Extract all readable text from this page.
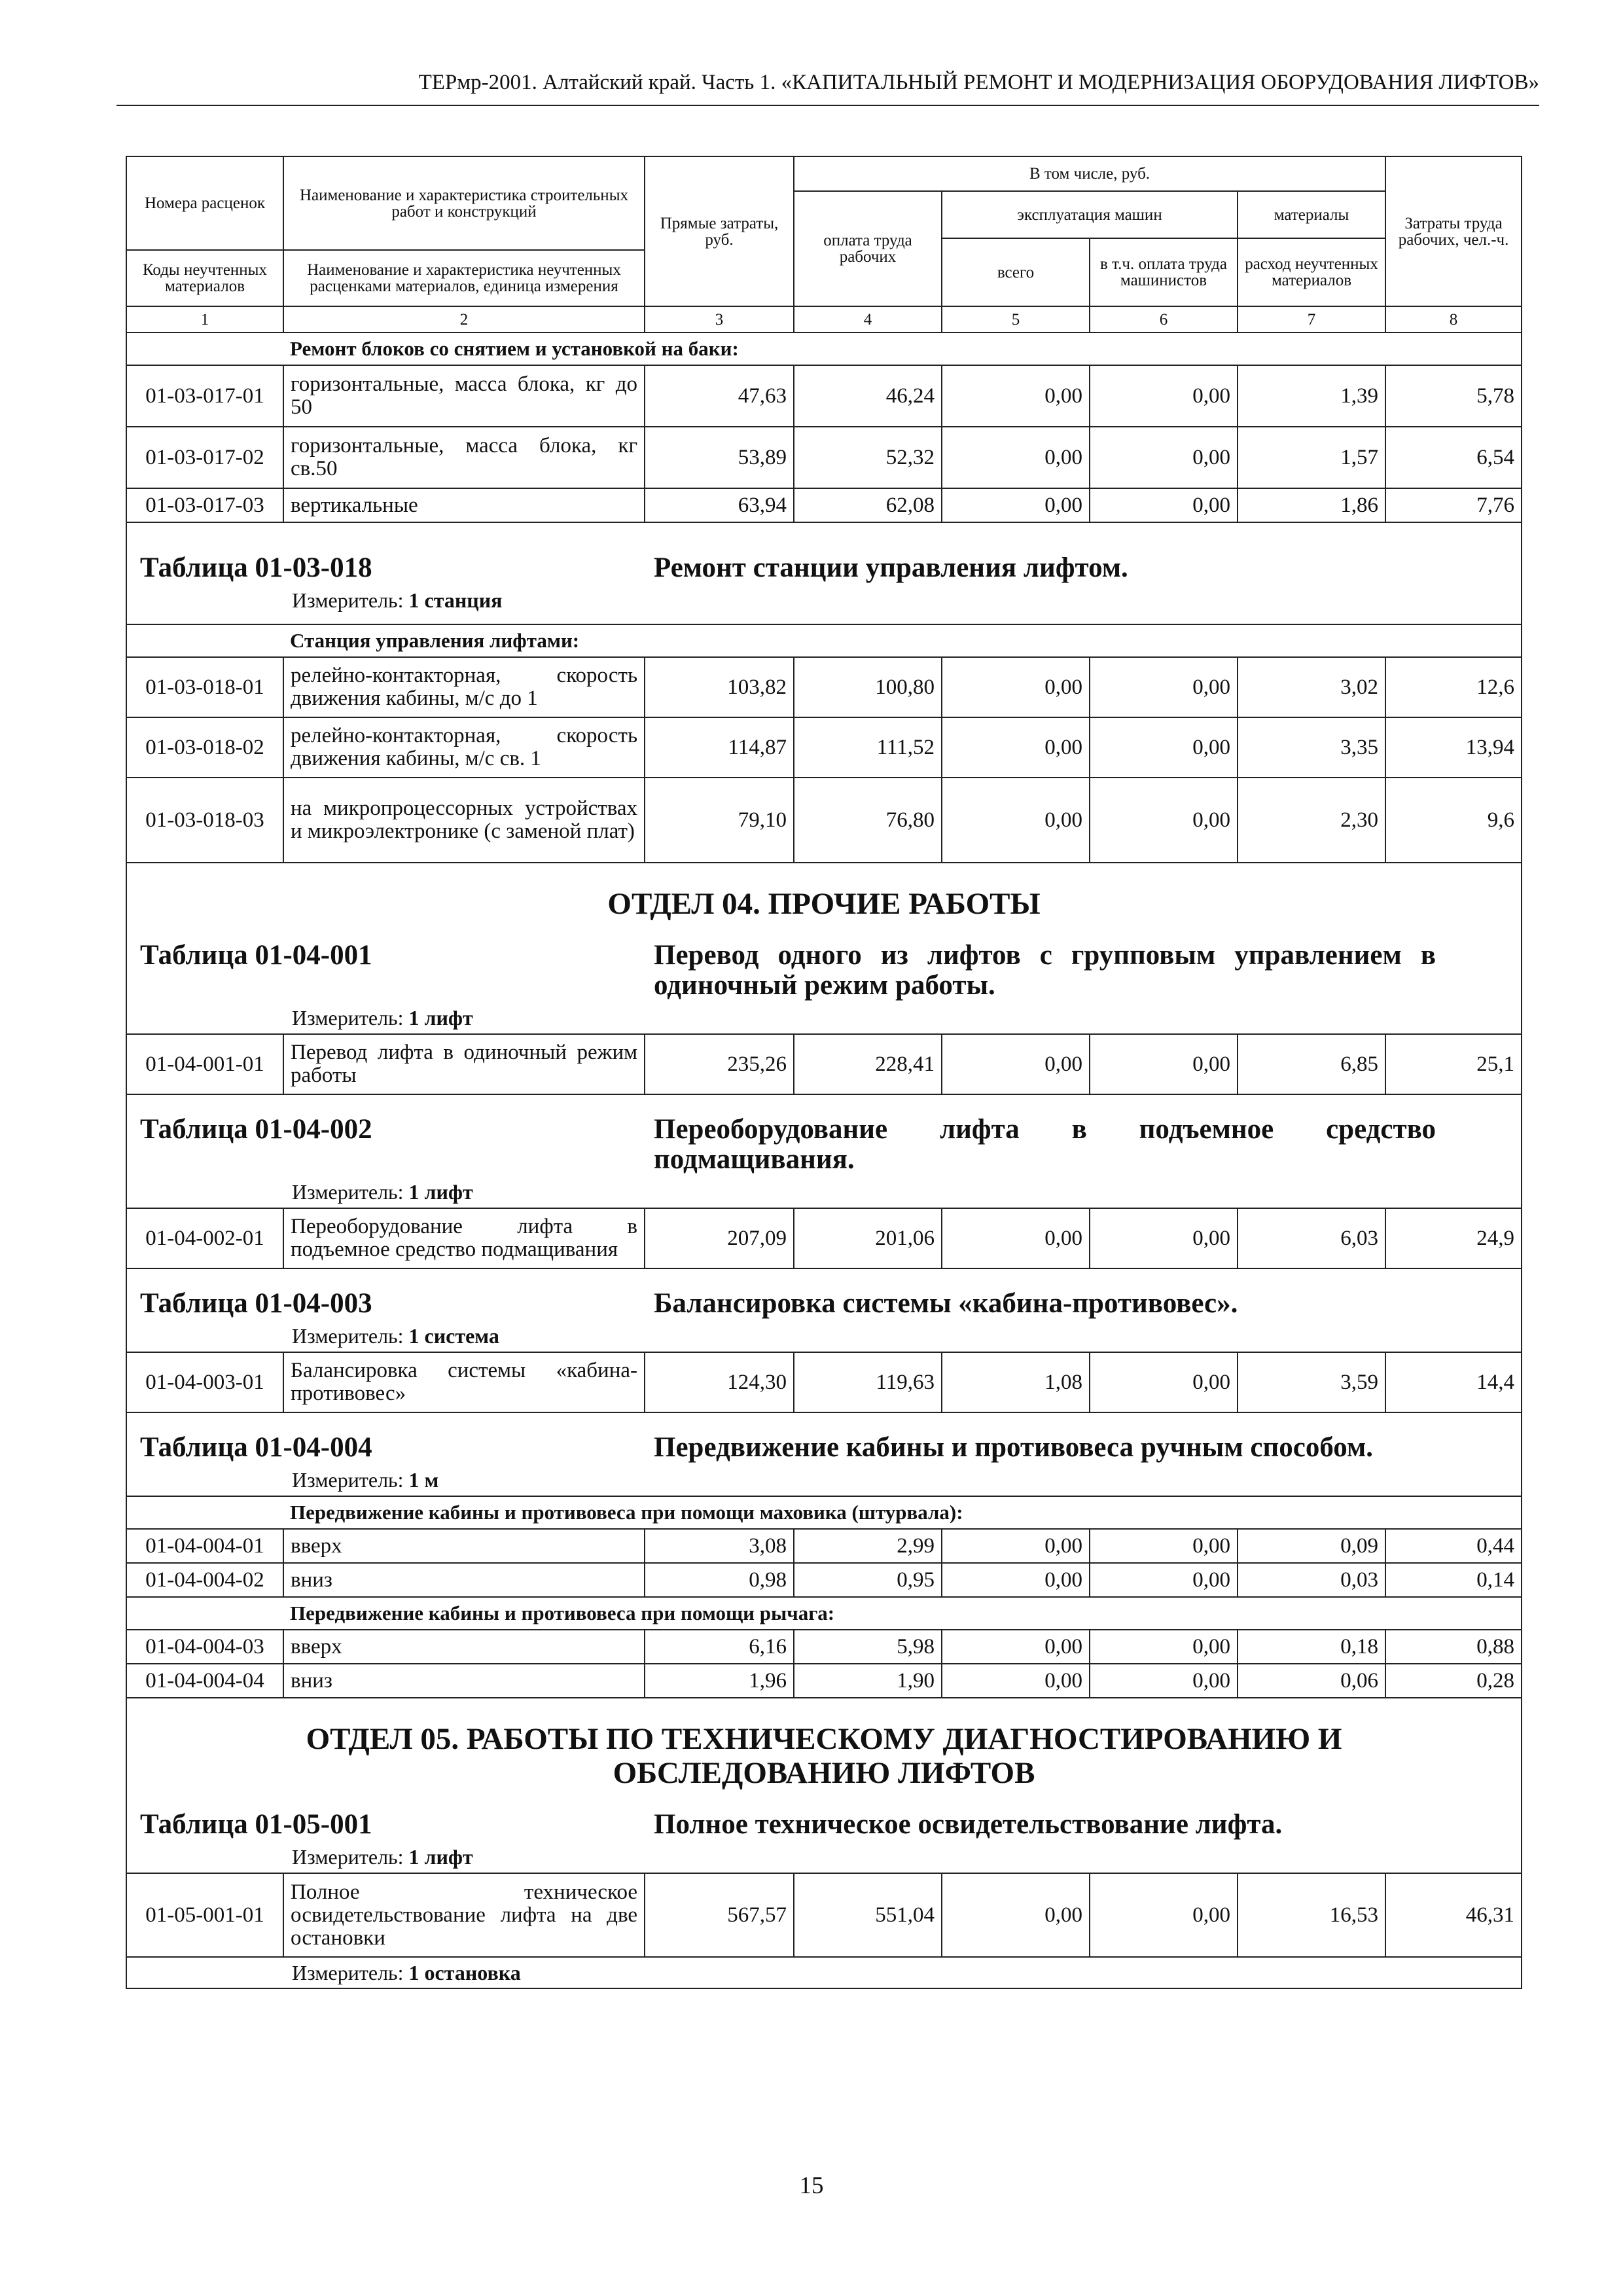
ТЕРмр-2001. Алтайский край. Часть 1. «КАПИТАЛЬНЫЙ РЕМОНТ И МОДЕРНИЗАЦИЯ ОБОРУДОВАНИЯ ЛИФТОВ»
Номера расценок	Наименование и характеристика строительных работ и конструкций	Прямые затраты, руб.	В том числе, руб.				Затраты труда рабочих, чел.-ч.
			оплата труда рабочих	эксплуатация машин		материалы	
				всего	в т.ч. оплата труда машинистов	расход неучтенных материалов	
Коды неучтенных материалов	Наименование и характеристика неучтенных расценками материалов, единица измерения						
1	2	3	4	5	6	7	8
	Ремонт блоков со снятием и установкой на баки:						
01-03-017-01	горизонтальные, масса блока, кг до 50	47,63	46,24	0,00	0,00	1,39	5,78
01-03-017-02	горизонтальные, масса блока, кг св.50	53,89	52,32	0,00	0,00	1,57	6,54
01-03-017-03	вертикальные	63,94	62,08	0,00	0,00	1,86	7,76

Таблица 01-03-018 Ремонт станции управления лифтом.
Измеритель: 1 станция							

	Станция управления лифтами:						
01-03-018-01	релейно-контакторная, скорость движения кабины, м/с до 1	103,82	100,80	0,00	0,00	3,02	12,6
01-03-018-02	релейно-контакторная, скорость движения кабины, м/с св. 1	114,87	111,52	0,00	0,00	3,35	13,94
01-03-018-03	на микропроцессорных устройствах и микроэлектронике (с заменой плат)	79,10	76,80	0,00	0,00	2,30	9,6

ОТДЕЛ 04. ПРОЧИЕ РАБОТЫ
Таблица 01-04-001 Перевод одного из лифтов с групповым управлением в одиночный режим работы.
Измеритель: 1 лифт							

01-04-001-01	Перевод лифта в одиночный режим работы	235,26	228,41	0,00	0,00	6,85	25,1

Таблица 01-04-002 Переоборудование лифта в подъемное средство подмащивания.
Измеритель: 1 лифт							

01-04-002-01	Переоборудование лифта в подъемное средство подмащивания	207,09	201,06	0,00	0,00	6,03	24,9

Таблица 01-04-003 Балансировка системы «кабина-противовес».
Измеритель: 1 система							

01-04-003-01	Балансировка системы «кабина-противовес»	124,30	119,63	1,08	0,00	3,59	14,4

Таблица 01-04-004 Передвижение кабины и противовеса ручным способом.
Измеритель: 1 м							

	Передвижение кабины и противовеса при помощи маховика (штурвала):						
01-04-004-01	вверх	3,08	2,99	0,00	0,00	0,09	0,44
01-04-004-02	вниз	0,98	0,95	0,00	0,00	0,03	0,14
	Передвижение кабины и противовеса при помощи рычага:						
01-04-004-03	вверх	6,16	5,98	0,00	0,00	0,18	0,88
01-04-004-04	вниз	1,96	1,90	0,00	0,00	0,06	0,28

ОТДЕЛ 05. РАБОТЫ ПО ТЕХНИЧЕСКОМУ ДИАГНОСТИРОВАНИЮ И ОБСЛЕДОВАНИЮ ЛИФТОВ
Таблица 01-05-001 Полное техническое освидетельствование лифта.
Измеритель: 1 лифт							

01-05-001-01	Полное техническое освидетельствование лифта на две остановки	567,57	551,04	0,00	0,00	16,53	46,31

Измеритель: 1 остановка							
15
